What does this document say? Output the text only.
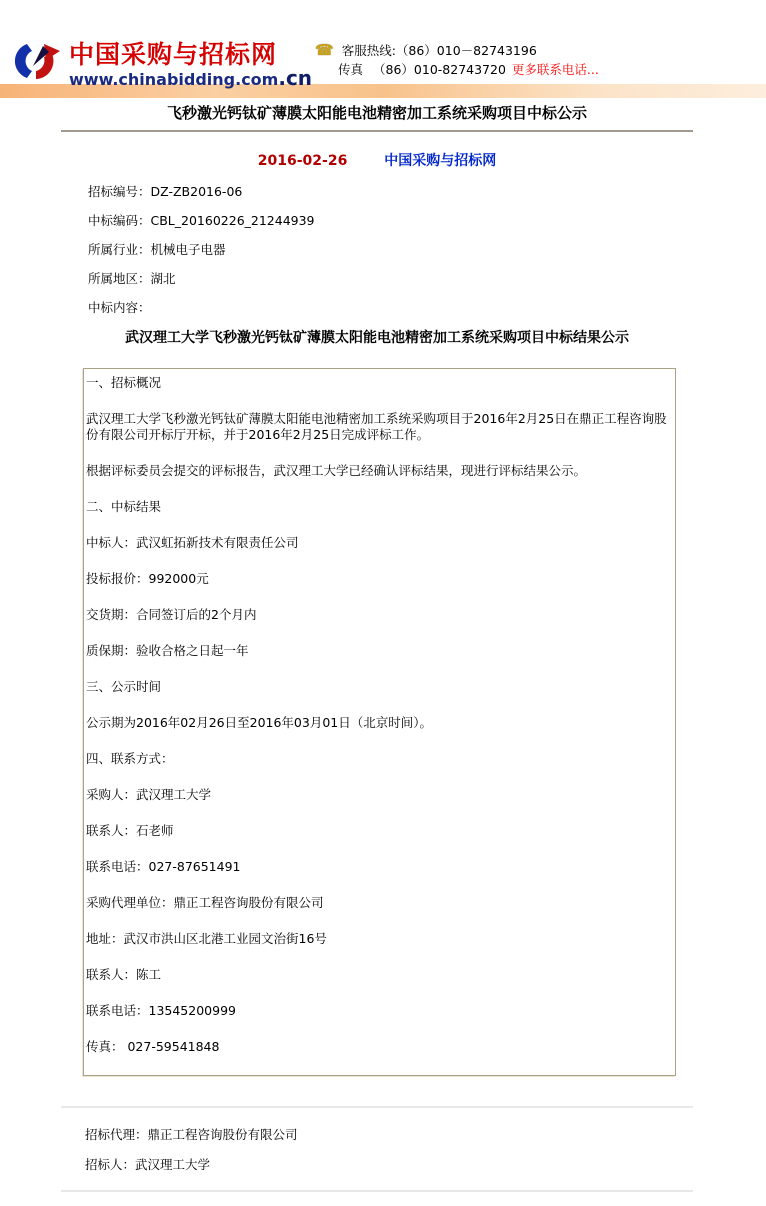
中国采购与招标网
www.chinabidding.com.cn
☎ 客服热线: （86）010－82743196
传真 （86）010-82743720 更多联系电话...
飞秒激光钙钛矿薄膜太阳能电池精密加工系统采购项目中标公示
2016-02-26	中国采购与招标网
招标编号：DZ-ZB2016-06
中标编码：CBL_20160226_21244939
所属行业：机械电子电器
所属地区：湖北
中标内容：
武汉理工大学飞秒激光钙钛矿薄膜太阳能电池精密加工系统采购项目中标结果公示

一、招标概况

武汉理工大学飞秒激光钙钛矿薄膜太阳能电池精密加工系统采购项目于2016年2月25日在鼎正工程咨询股份有限公司开标厅开标，并于2016年2月25日完成评标工作。

根据评标委员会提交的评标报告，武汉理工大学已经确认评标结果，现进行评标结果公示。

二、中标结果

中标人：武汉虹拓新技术有限责任公司

投标报价：992000元

交货期：合同签订后的2个月内

质保期：验收合格之日起一年

三、公示时间

公示期为2016年02月26日至2016年03月01日（北京时间）。

四、联系方式：

采购人：武汉理工大学

联系人：石老师

联系电话：027-87651491

采购代理单位：鼎正工程咨询股份有限公司

地址：武汉市洪山区北港工业园文治街16号

联系人：陈工

联系电话：13545200999

传真： 027-59541848

招标代理：鼎正工程咨询股份有限公司
招标人：武汉理工大学
